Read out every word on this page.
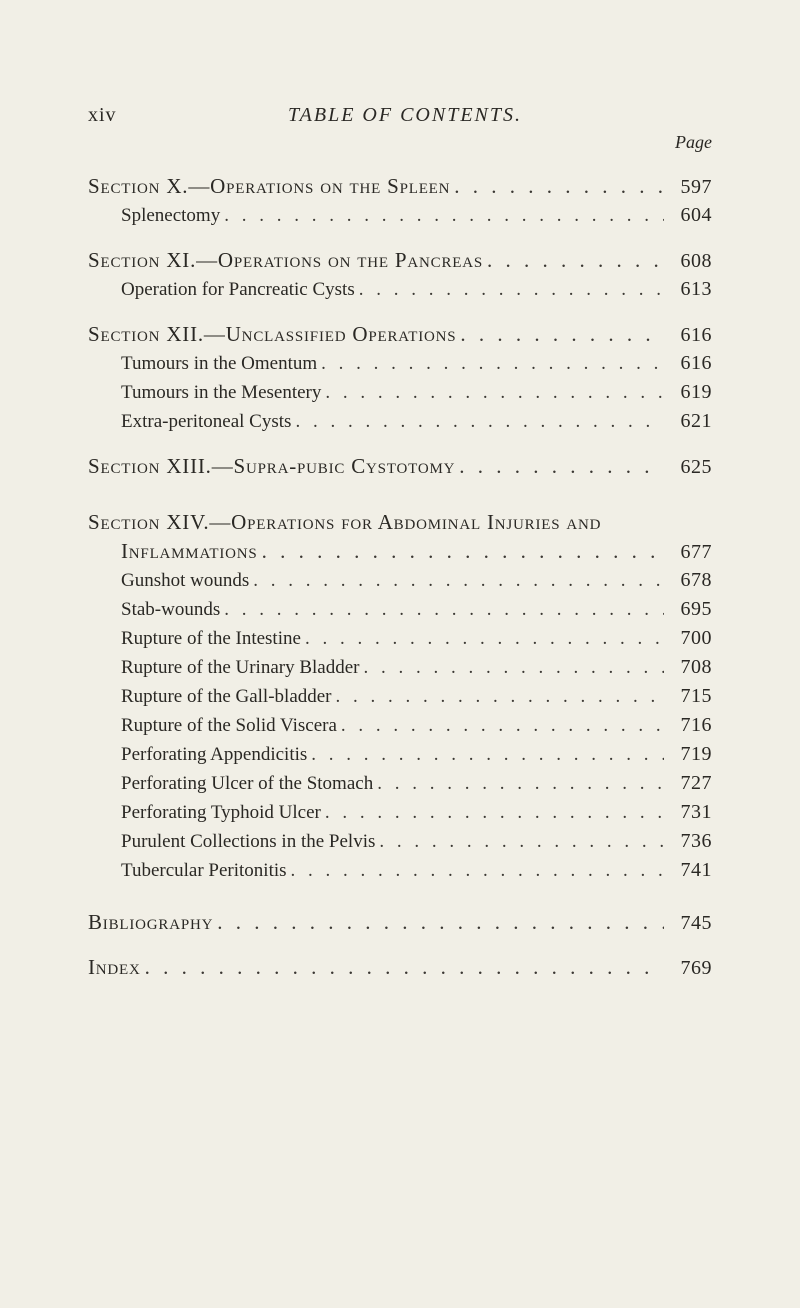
xiv	TABLE OF CONTENTS.
Page
Section X.—Operations on the Spleen . . .	597
Splenectomy . . .	604
Section XI.—Operations on the Pancreas . . .	608
Operation for Pancreatic Cysts . . .	613
Section XII.—Unclassified Operations . . .	616
Tumours in the Omentum . . .	616
Tumours in the Mesentery . . .	619
Extra-peritoneal Cysts . . .	621
Section XIII.—Supra-pubic Cystotomy . . .	625
Section XIV.—Operations for Abdominal Injuries and
Inflammations . . .	677
Gunshot wounds . . .	678
Stab-wounds . . .	695
Rupture of the Intestine . . .	700
Rupture of the Urinary Bladder . . .	708
Rupture of the Gall-bladder . . .	715
Rupture of the Solid Viscera . . .	716
Perforating Appendicitis . . .	719
Perforating Ulcer of the Stomach . . .	727
Perforating Typhoid Ulcer . . .	731
Purulent Collections in the Pelvis . . .	736
Tubercular Peritonitis . . .	741
Bibliography . . .	745
Index . . .	769
